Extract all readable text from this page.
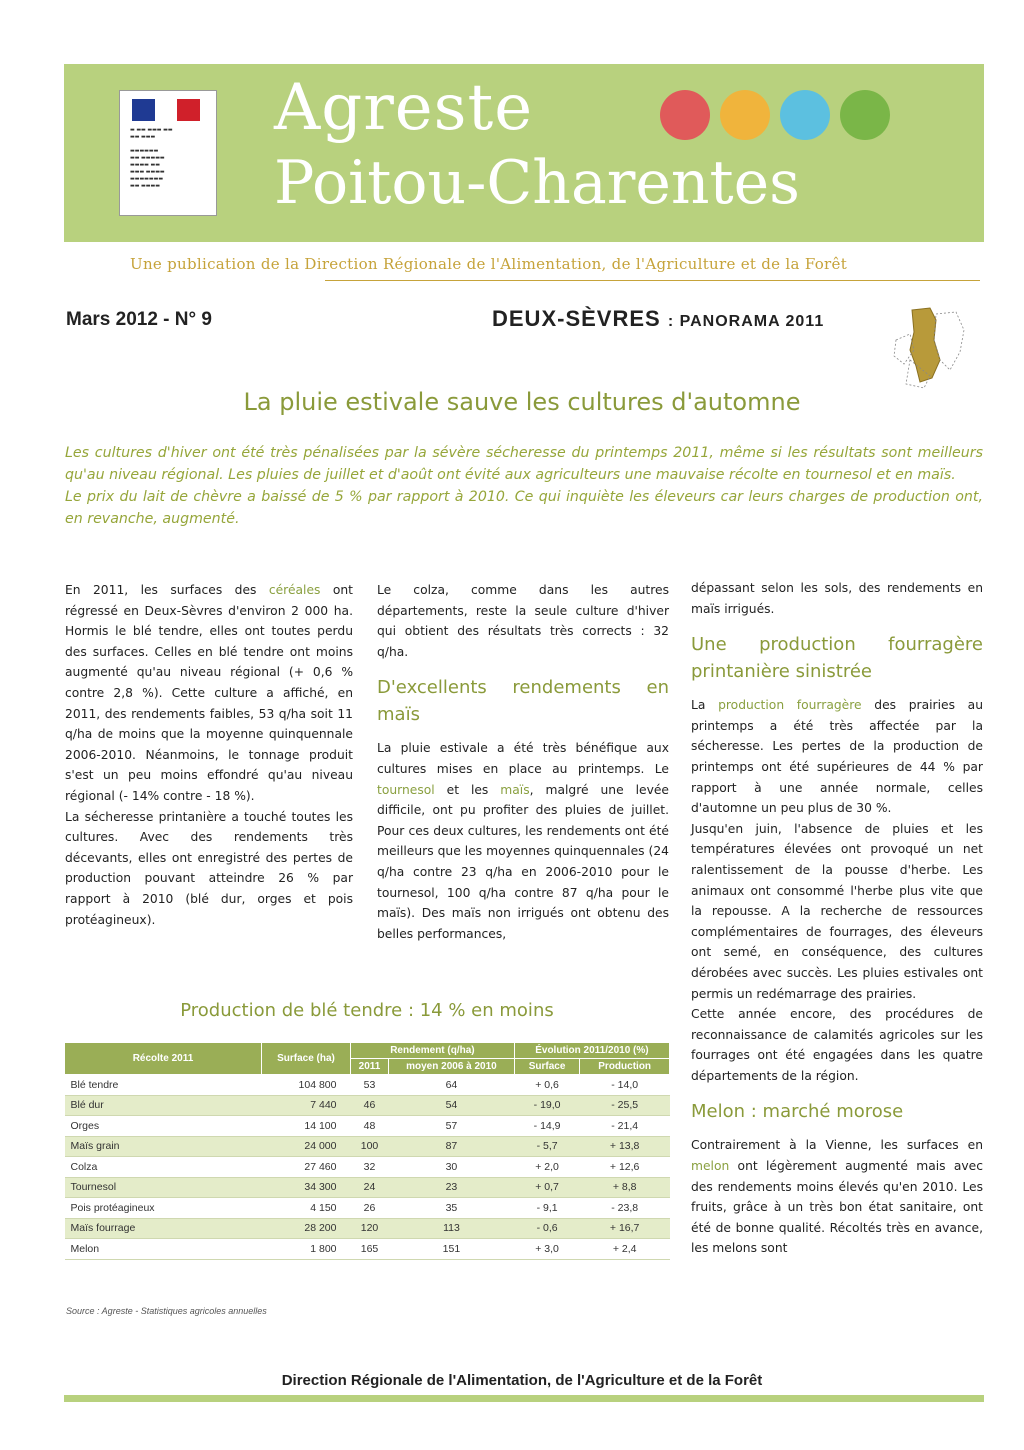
▬ ▬▬ ▬▬▬ ▬▬
▬▬ ▬▬▬

▬▬▬▬▬▬
▬▬ ▬▬▬▬▬
▬▬▬▬ ▬▬
▬▬▬ ▬▬▬▬
▬▬▬▬▬▬▬
▬▬ ▬▬▬▬
Agreste
Poitou-Charentes
Une publication de la Direction Régionale de l'Alimentation, de l'Agriculture et de la Forêt
Mars 2012 - N° 9	DEUX-SÈVRES : PANORAMA 2011
La pluie estivale sauve les cultures d'automne

Les cultures d'hiver ont été très pénalisées par la sévère sécheresse du printemps 2011, même si les résultats sont meilleurs qu'au niveau régional. Les pluies de juillet et d'août ont évité aux agriculteurs une mauvaise récolte en tournesol et en maïs.

Le prix du lait de chèvre a baissé de 5 % par rapport à 2010. Ce qui inquiète les éleveurs car leurs charges de production ont, en revanche, augmenté.

En 2011, les surfaces des céréales ont régressé en Deux-Sèvres d'environ 2 000 ha. Hormis le blé tendre, elles ont toutes perdu des surfaces. Celles en blé tendre ont moins augmenté qu'au niveau régional (+ 0,6 % contre 2,8 %). Cette culture a affiché, en 2011, des rendements faibles, 53 q/ha soit 11 q/ha de moins que la moyenne quinquennale 2006-2010. Néanmoins, le tonnage produit s'est un peu moins effondré qu'au niveau régional (- 14% contre - 18 %).

La sécheresse printanière a touché toutes les cultures. Avec des rendements très décevants, elles ont enregistré des pertes de production pouvant atteindre 26 % par rapport à 2010 (blé dur, orges et pois protéagineux).

Le colza, comme dans les autres départements, reste la seule culture d'hiver qui obtient des résultats très corrects : 32 q/ha.

D'excellents rendements en maïs

La pluie estivale a été très bénéfique aux cultures mises en place au printemps. Le tournesol et les maïs, malgré une levée difficile, ont pu profiter des pluies de juillet. Pour ces deux cultures, les rendements ont été meilleurs que les moyennes quinquennales (24 q/ha contre 23 q/ha en 2006-2010 pour le tournesol, 100 q/ha contre 87 q/ha pour le maïs). Des maïs non irrigués ont obtenu des belles performances,

dépassant selon les sols, des rendements en maïs irrigués.

Une production fourragère printanière sinistrée

La production fourragère des prairies au printemps a été très affectée par la sécheresse. Les pertes de la production de printemps ont été supérieures de 44 % par rapport à une année normale, celles d'automne un peu plus de 30 %.

Jusqu'en juin, l'absence de pluies et les températures élevées ont provoqué un net ralentissement de la pousse d'herbe. Les animaux ont consommé l'herbe plus vite que la repousse. A la recherche de ressources complémentaires de fourrages, des éleveurs ont semé, en conséquence, des cultures dérobées avec succès. Les pluies estivales ont permis un redémarrage des prairies.

Cette année encore, des procédures de reconnaissance de calamités agricoles sur les fourrages ont été engagées dans les quatre départements de la région.

Melon : marché morose

Contrairement à la Vienne, les surfaces en melon ont légèrement augmenté mais avec des rendements moins élevés qu'en 2010. Les fruits, grâce à un très bon état sanitaire, ont été de bonne qualité. Récoltés très en avance, les melons sont

Production de blé tendre : 14 % en moins
Récolte 2011	Surface (ha)	Rendement (q/ha)		Évolution 2011/2010 (%)	
		2011	moyen 2006 à 2010	Surface	Production
Blé tendre	104 800	53	64	+ 0,6	- 14,0
Blé dur	7 440	46	54	- 19,0	- 25,5
Orges	14 100	48	57	- 14,9	- 21,4
Maïs grain	24 000	100	87	- 5,7	+ 13,8
Colza	27 460	32	30	+ 2,0	+ 12,6
Tournesol	34 300	24	23	+ 0,7	+ 8,8
Pois protéagineux	4 150	26	35	- 9,1	- 23,8
Maïs fourrage	28 200	120	113	- 0,6	+ 16,7
Melon	1 800	165	151	+ 3,0	+ 2,4
Source : Agreste - Statistiques agricoles annuelles
Direction Régionale de l'Alimentation, de l'Agriculture et de la Forêt
